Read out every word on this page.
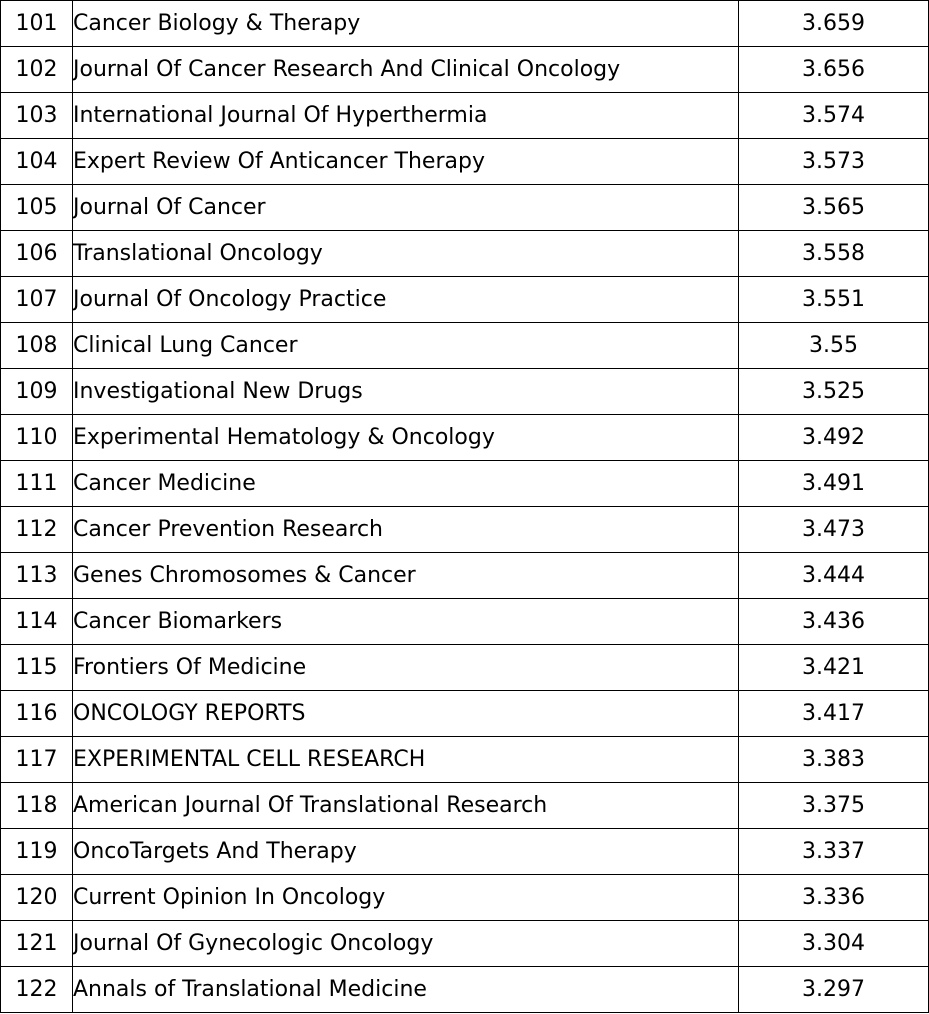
101	Cancer Biology & Therapy	3.659
102	Journal Of Cancer Research And Clinical Oncology	3.656
103	International Journal Of Hyperthermia	3.574
104	Expert Review Of Anticancer Therapy	3.573
105	Journal Of Cancer	3.565
106	Translational Oncology	3.558
107	Journal Of Oncology Practice	3.551
108	Clinical Lung Cancer	3.55
109	Investigational New Drugs	3.525
110	Experimental Hematology & Oncology	3.492
111	Cancer Medicine	3.491
112	Cancer Prevention Research	3.473
113	Genes Chromosomes & Cancer	3.444
114	Cancer Biomarkers	3.436
115	Frontiers Of Medicine	3.421
116	ONCOLOGY REPORTS	3.417
117	EXPERIMENTAL CELL RESEARCH	3.383
118	American Journal Of Translational Research	3.375
119	OncoTargets And Therapy	3.337
120	Current Opinion In Oncology	3.336
121	Journal Of Gynecologic Oncology	3.304
122	Annals of Translational Medicine	3.297
